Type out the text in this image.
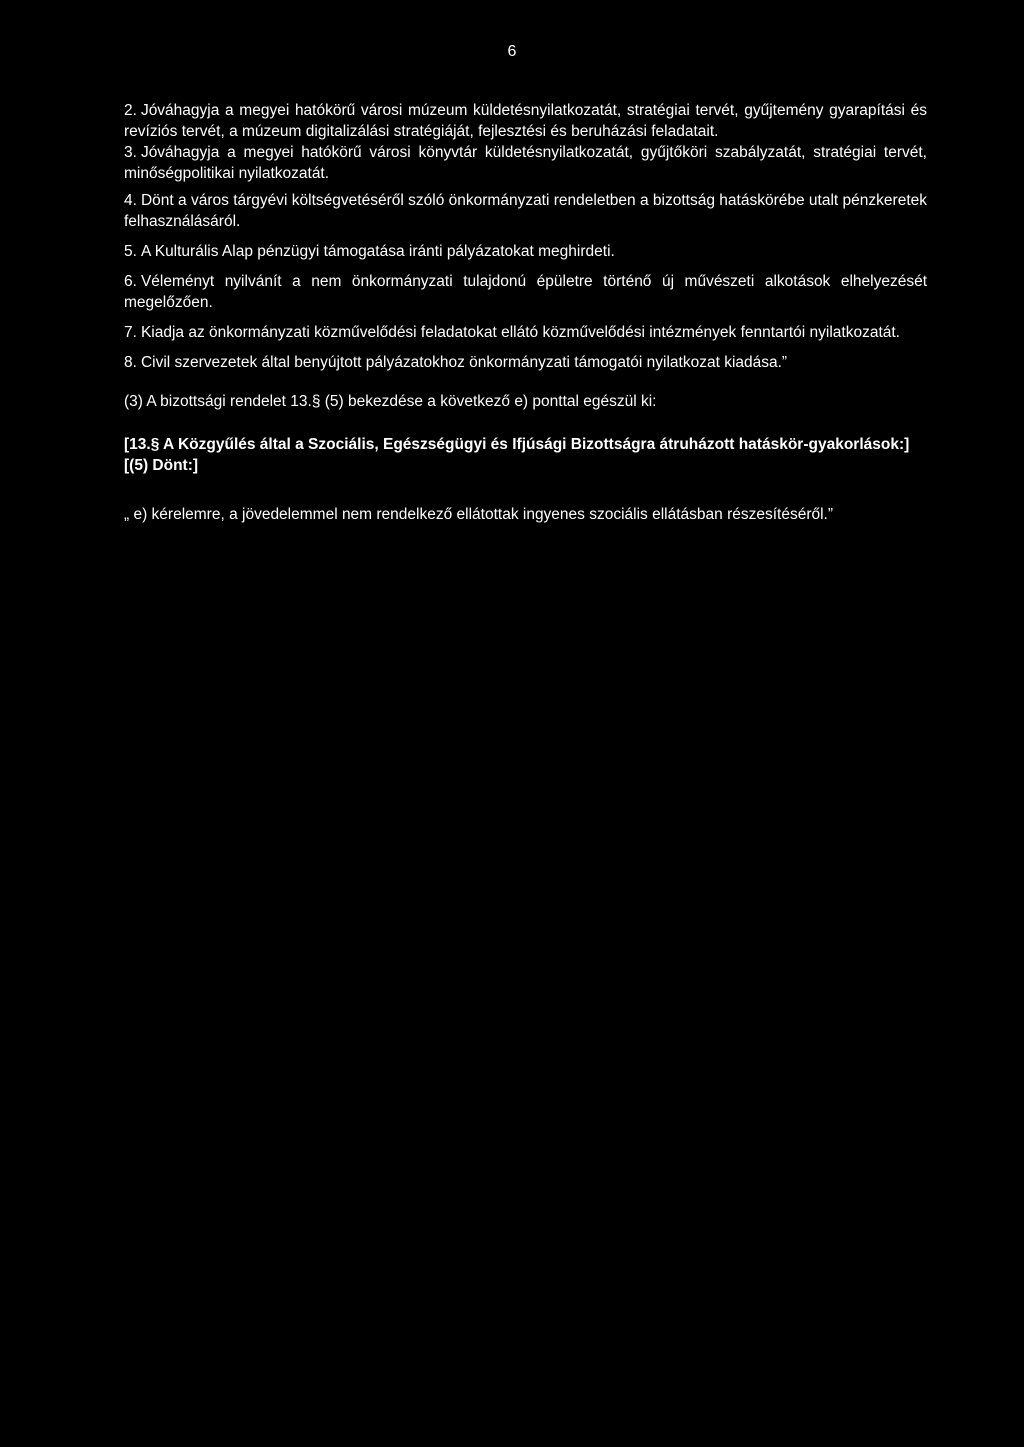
6

2. Jóváhagyja a megyei hatókörű városi múzeum küldetésnyilatkozatát, stratégiai tervét, gyűjtemény gyarapítási és revíziós tervét, a múzeum digitalizálási stratégiáját, fejlesztési és beruházási feladatait.

3. Jóváhagyja a megyei hatókörű városi könyvtár küldetésnyilatkozatát, gyűjtőköri szabályzatát, stratégiai tervét, minőségpolitikai nyilatkozatát.

4. Dönt a város tárgyévi költségvetéséről szóló önkormányzati rendeletben a bizottság hatáskörébe utalt pénzkeretek felhasználásáról.

5. A Kulturális Alap pénzügyi támogatása iránti pályázatokat meghirdeti.

6. Véleményt nyilvánít a nem önkormányzati tulajdonú épületre történő új művészeti alkotások elhelyezését megelőzően.

7. Kiadja az önkormányzati közművelődési feladatokat ellátó közművelődési intézmények fenntartói nyilatkozatát.

8. Civil szervezetek által benyújtott pályázatokhoz önkormányzati támogatói nyilatkozat kiadása.”

(3) A bizottsági rendelet 13.§ (5) bekezdése a következő e) ponttal egészül ki:

[13.§ A Közgyűlés által a Szociális, Egészségügyi és Ifjúsági Bizottságra átruházott hatáskör-gyakorlások:]

[(5) Dönt:]

„ e) kérelemre, a jövedelemmel nem rendelkező ellátottak ingyenes szociális ellátásban részesítéséről.”
